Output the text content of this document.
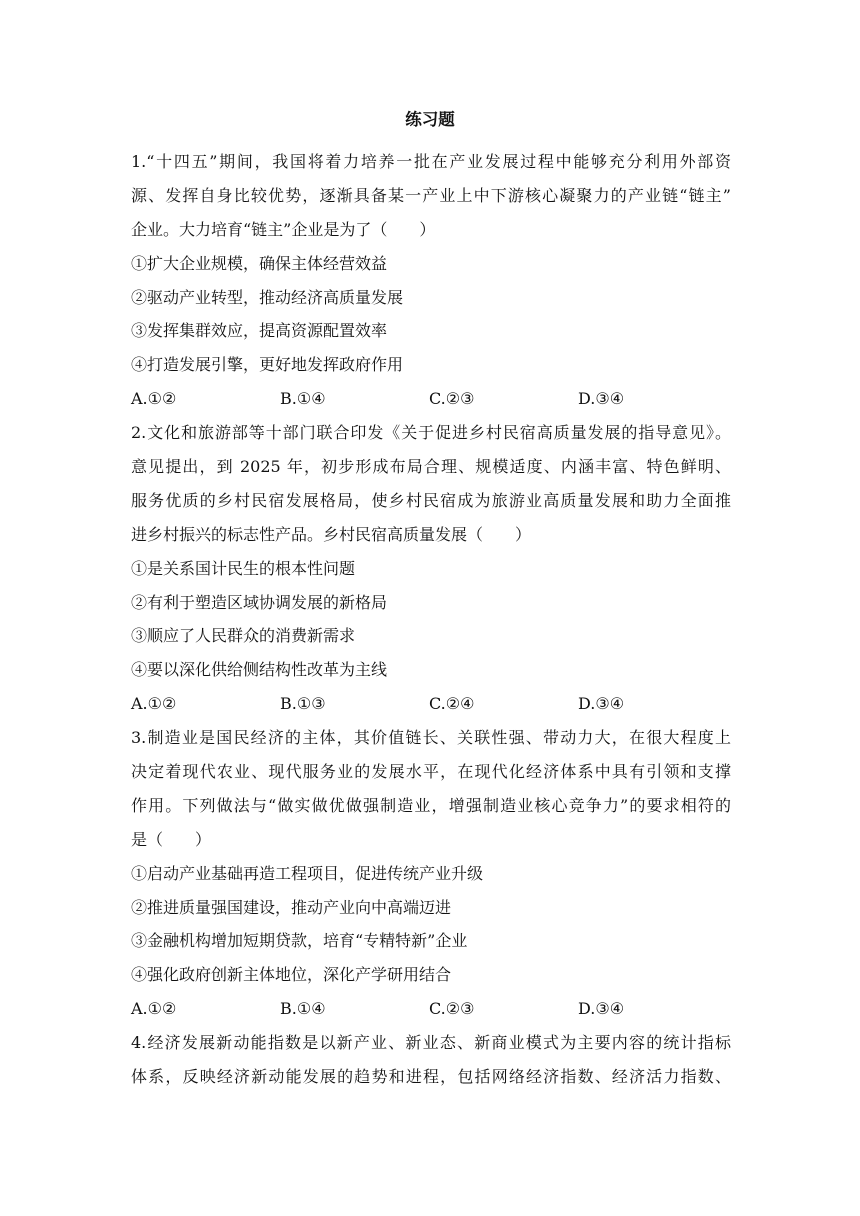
练习题
1.“十四五”期间，我国将着力培养一批在产业发展过程中能够充分利用外部资
源、发挥自身比较优势，逐渐具备某一产业上中下游核心凝聚力的产业链“链主”
企业。大力培育“链主”企业是为了（　　）
①扩大企业规模，确保主体经营效益
②驱动产业转型，推动经济高质量发展
③发挥集群效应，提高资源配置效率
④打造发展引擎，更好地发挥政府作用
A.①②	B.①④	C.②③	D.③④
2.文化和旅游部等十部门联合印发《关于促进乡村民宿高质量发展的指导意见》。
意见提出，到 2025 年，初步形成布局合理、规模适度、内涵丰富、特色鲜明、
服务优质的乡村民宿发展格局，使乡村民宿成为旅游业高质量发展和助力全面推
进乡村振兴的标志性产品。乡村民宿高质量发展（　　）
①是关系国计民生的根本性问题
②有利于塑造区域协调发展的新格局
③顺应了人民群众的消费新需求
④要以深化供给侧结构性改革为主线
A.①②	B.①③	C.②④	D.③④
3.制造业是国民经济的主体，其价值链长、关联性强、带动力大，在很大程度上
决定着现代农业、现代服务业的发展水平，在现代化经济体系中具有引领和支撑
作用。下列做法与“做实做优做强制造业，增强制造业核心竞争力”的要求相符的
是（　　）
①启动产业基础再造工程项目，促进传统产业升级
②推进质量强国建设，推动产业向中高端迈进
③金融机构增加短期贷款，培育“专精特新”企业
④强化政府创新主体地位，深化产学研用结合
A.①②	B.①④	C.②③	D.③④
4.经济发展新动能指数是以新产业、新业态、新商业模式为主要内容的统计指标
体系，反映经济新动能发展的趋势和进程，包括网络经济指数、经济活力指数、
